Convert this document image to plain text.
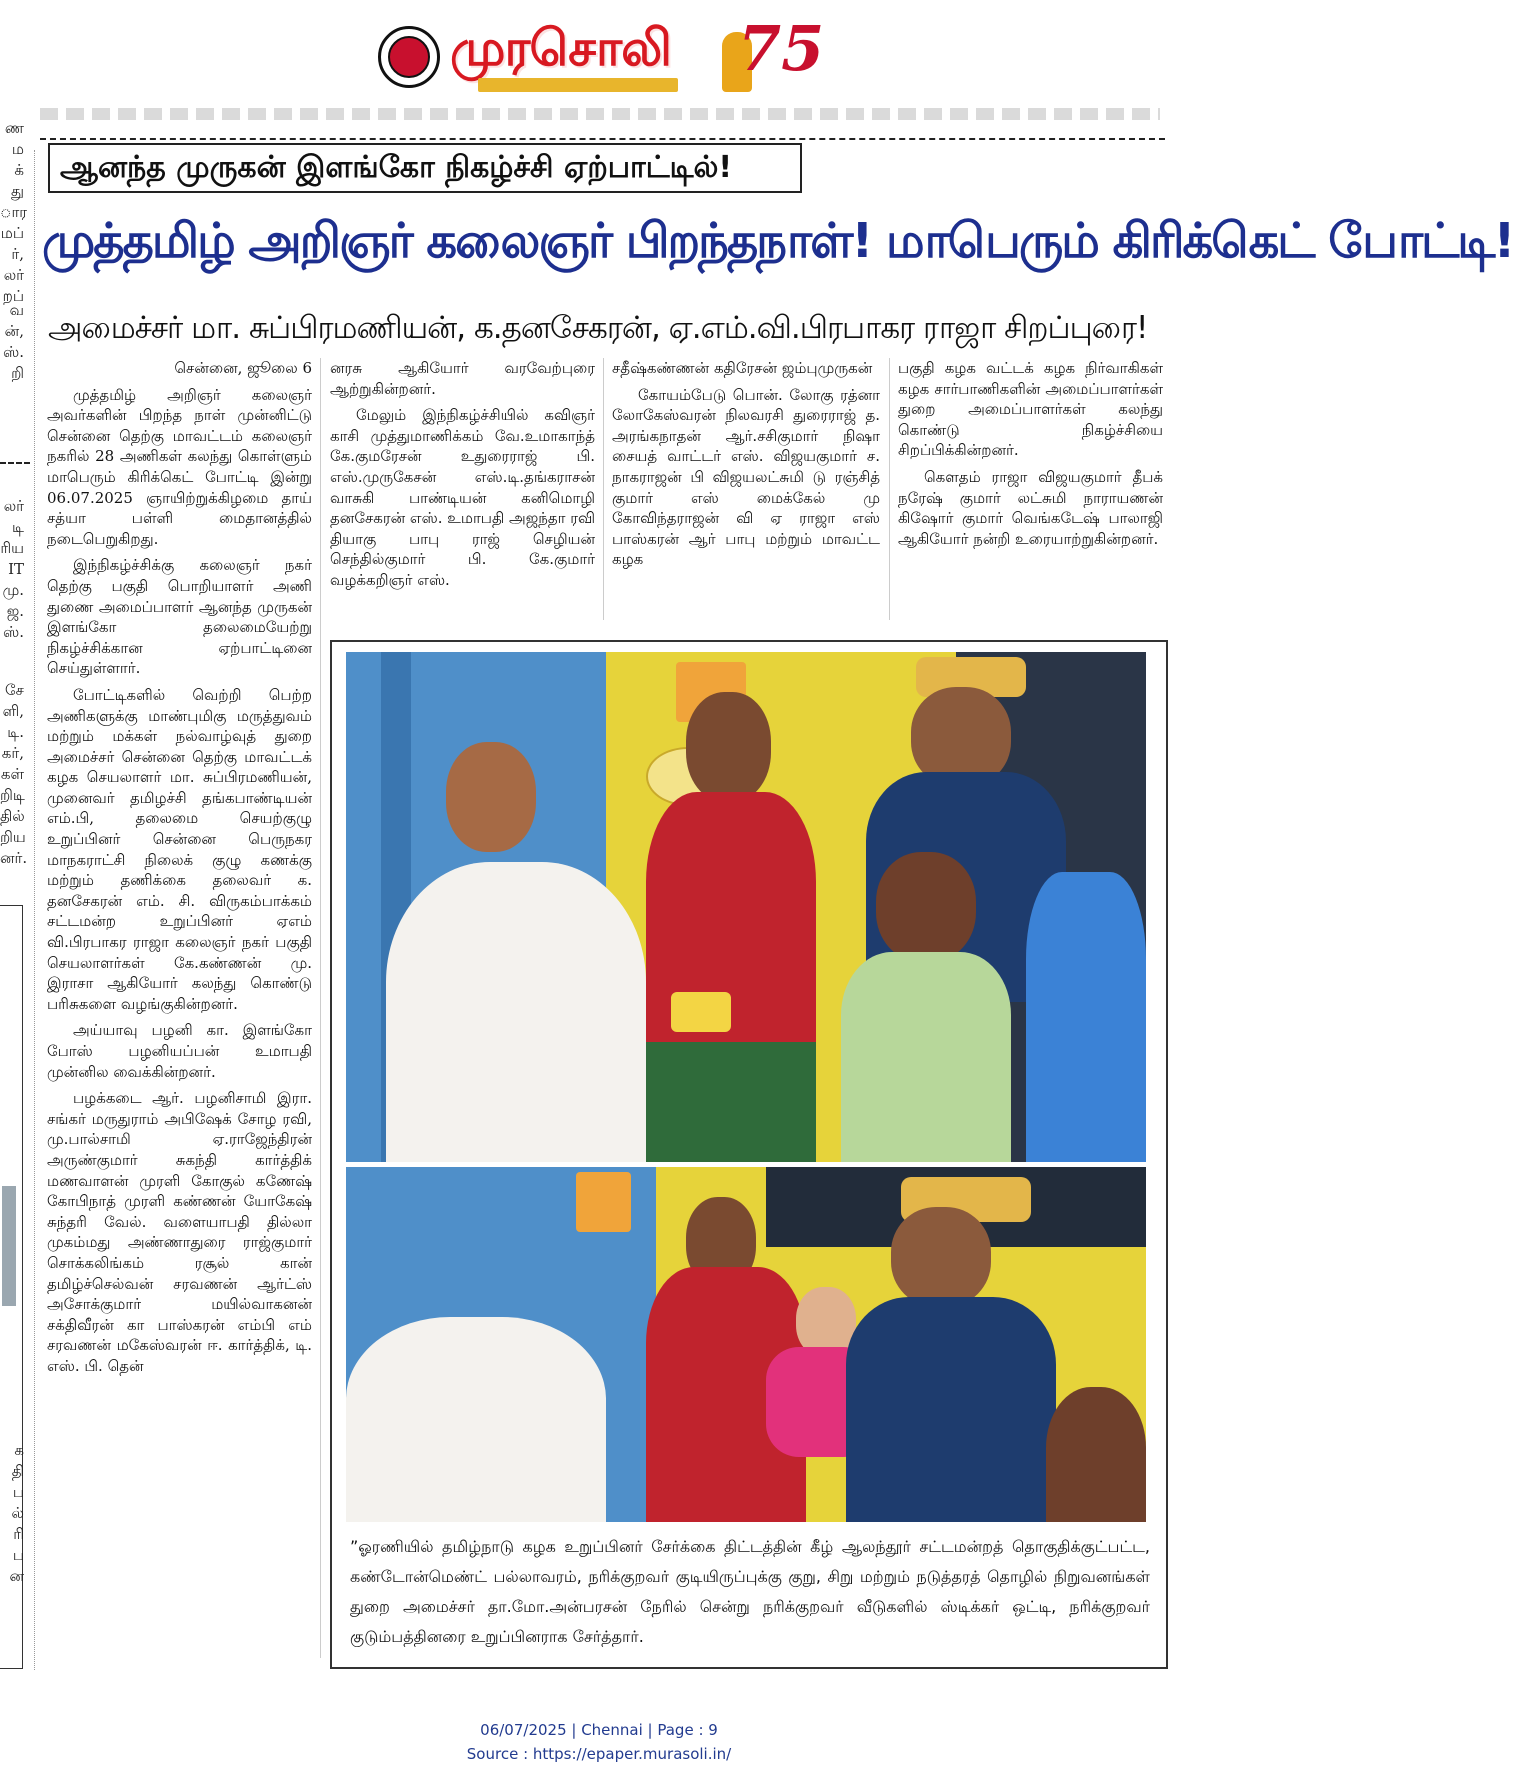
முரசொலி 75
ண
ம
க்
து
ார
மப்
ர்,
லர்
றப்
வ
ன்,
ஸ்.
றி
லர்
டி
ரிய
IT
மு.
ஜ.
ஸ்.
சே
ளி,
டி.
கர்,
கள்
றிடி
தில்
றிய
னர்.
க
தி
ப
ல்
ரி
ப
ன
ஆனந்த முருகன் இளங்கோ நிகழ்ச்சி ஏற்பாட்டில்!
முத்தமிழ் அறிஞர் கலைஞர் பிறந்தநாள்! மாபெரும் கிரிக்கெட் போட்டி!
அமைச்சர் மா. சுப்பிரமணியன், க.தனசேகரன், ஏ.எம்.வி.பிரபாகர ராஜா சிறப்புரை!

சென்னை, ஜூலை 6

முத்தமிழ் அறிஞர் கலைஞர் அவர்களின் பிறந்த நாள் முன்னிட்டு சென்னை தெற்கு மாவட்டம் கலைஞர் நகரில் 28 அணிகள் கலந்து கொள்ளும் மாபெரும் கிரிக்கெட் போட்டி இன்று 06.07.2025 ஞாயிற்றுக்கிழமை தாய் சத்யா பள்ளி மைதானத்தில் நடைபெறுகிறது.

இந்நிகழ்ச்சிக்கு கலைஞர் நகர் தெற்கு பகுதி பொறியாளர் அணி துணை அமைப்பாளர் ஆனந்த முருகன் இளங்கோ தலைமையேற்று நிகழ்ச்சிக்கான ஏற்பாட்டினை செய்துள்ளார்.

போட்டிகளில் வெற்றி பெற்ற அணிகளுக்கு மாண்புமிகு மருத்துவம் மற்றும் மக்கள் நல்வாழ்வுத் துறை அமைச்சர் சென்னை தெற்கு மாவட்டக் கழக செயலாளர் மா. சுப்பிரமணியன், முனைவர் தமிழச்சி தங்கபாண்டியன் எம்.பி, தலைமை செயற்குழு உறுப்பினர் சென்னை பெருநகர மாநகராட்சி நிலைக் குழு கணக்கு மற்றும் தணிக்கை தலைவர் க. தனசேகரன் எம். சி. விருகம்பாக்கம் சட்டமன்ற உறுப்பினர் ஏஎம் வி.பிரபாகர ராஜா கலைஞர் நகர் பகுதி செயலாளர்கள் கே.கண்ணன் மு. இராசா ஆகியோர் கலந்து கொண்டு பரிசுகளை வழங்குகின்றனர்.

அய்யாவு பழனி கா. இளங்கோ போஸ் பழனியப்பன் உமாபதி முன்னில வைக்கின்றனர்.

பழக்கடை ஆர். பழனிசாமி இரா. சங்கர் மருதுராம் அபிஷேக் சோழ ரவி, மு.பால்சாமி ஏ.ராஜேந்திரன் அருண்குமார் சுகந்தி கார்த்திக் மணவாளன் முரளி கோகுல் கணேஷ் கோபிநாத் முரளி கண்ணன் யோகேஷ் சுந்தரி வேல். வளையாபதி தில்லா முகம்மது அண்ணாதுரை ராஜ்குமார் சொக்கலிங்கம் ரசூல் கான் தமிழ்ச்செல்வன் சரவணன் ஆர்ட்ஸ் அசோக்குமார் மயில்வாகனன் சக்திவீரன் கா பாஸ்கரன் எம்பி எம் சரவணன் மகேஸ்வரன் ஈ. கார்த்திக், டி. எஸ். பி. தென்

னரசு ஆகியோர் வரவேற்புரை ஆற்றுகின்றனர்.

மேலும் இந்நிகழ்ச்சியில் கவிஞர் காசி முத்துமாணிக்கம் வே.உமாகாந்த் கே.குமரேசன் உதுரைராஜ் பி. எஸ்.முருகேசன் எஸ்.டி.தங்கராசன் வாசுகி பாண்டியன் கனிமொழி தனசேகரன் எஸ். உமாபதி அஜந்தா ரவி தியாகு பாபு ராஜ் செழியன் செந்தில்குமார் பி. கே.குமார் வழக்கறிஞர் எஸ்.

சதீஷ்கண்ணன் கதிரேசன் ஜம்புமுருகன்

கோயம்பேடு பொன். லோகு ரத்னா லோகேஸ்வரன் நிலவரசி துரைராஜ் த. அரங்கநாதன் ஆர்.சசிகுமார் நிஷா சையத் வாட்டர் எஸ். விஜயகுமார் ச. நாகராஜன் பி விஜயலட்சுமி டு ரஞ்சித் குமார் எஸ் மைக்கேல் மு கோவிந்தராஜன் வி ஏ ராஜா எஸ் பாஸ்கரன் ஆர் பாபு மற்றும் மாவட்ட கழக

பகுதி கழக வட்டக் கழக நிர்வாகிகள் கழக சார்பாணிகளின் அமைப்பாளர்கள் துறை அமைப்பாளர்கள் கலந்து கொண்டு நிகழ்ச்சியை சிறப்பிக்கின்றனர்.

கௌதம் ராஜா விஜயகுமார் தீபக் நரேஷ் குமார் லட்சுமி நாராயணன் கிஷோர் குமார் வெங்கடேஷ் பாலாஜி ஆகியோர் நன்றி உரையாற்றுகின்றனர்.

”ஓரணியில் தமிழ்நாடு கழக உறுப்பினர் சேர்க்கை திட்டத்தின் கீழ் ஆலந்தூர் சட்டமன்றத் தொகுதிக்குட்பட்ட, கண்டோன்மெண்ட் பல்லாவரம், நரிக்குறவர் குடியிருப்புக்கு குறு, சிறு மற்றும் நடுத்தரத் தொழில் நிறுவனங்கள் துறை அமைச்சர் தா.மோ.அன்பரசன் நேரில் சென்று நரிக்குறவர் வீடுகளில் ஸ்டிக்கர் ஒட்டி, நரிக்குறவர் குடும்பத்தினரை உறுப்பினராக சேர்த்தார்.
06/07/2025 | Chennai | Page : 9
Source : https://epaper.murasoli.in/
